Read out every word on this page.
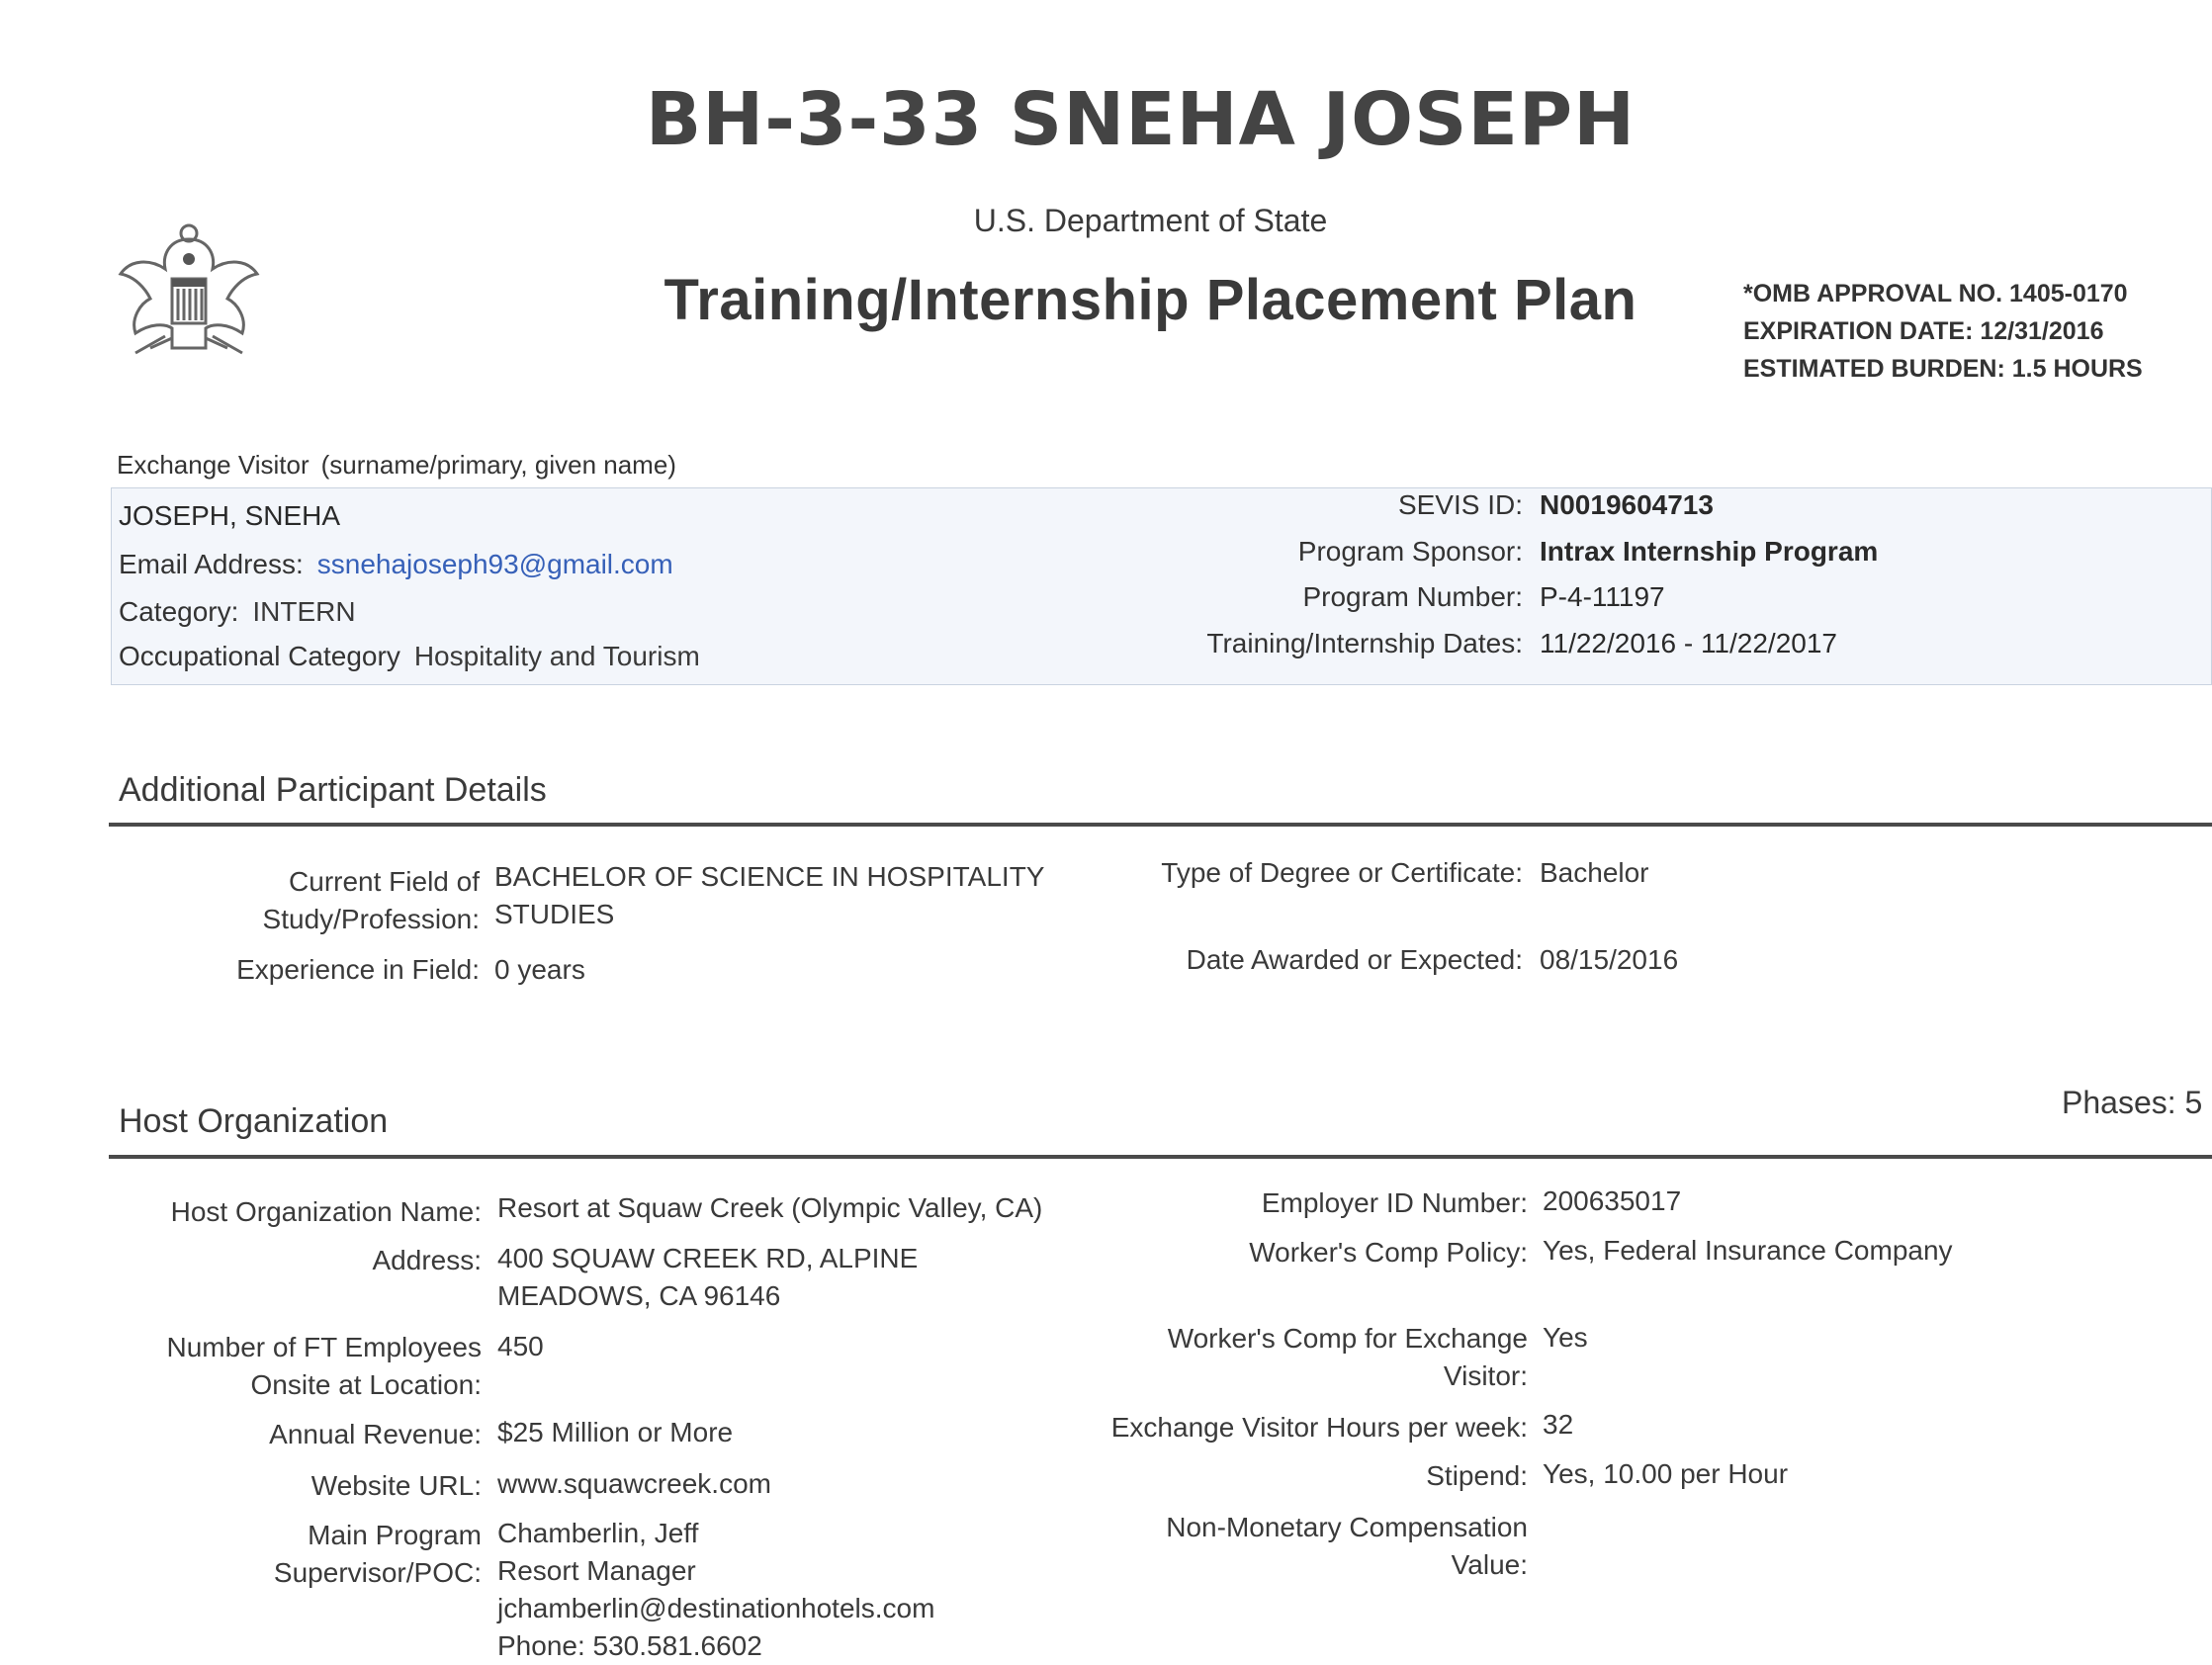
BH-3-33 SNEHA JOSEPH
U.S. Department of State
Training/Internship Placement Plan	*OMB APPROVAL NO. 1405-0170
EXPIRATION DATE: 12/31/2016
ESTIMATED BURDEN: 1.5 HOURS
Exchange Visitor (surname/primary, given name)
JOSEPH, SNEHA
Email Address: ssnehajoseph93@gmail.com
Category: INTERN
Occupational Category Hospitality and Tourism
SEVIS ID: N0019604713
Program Sponsor: Intrax Internship Program
Program Number: P-4-11197
Training/Internship Dates: 11/22/2016 - 11/22/2017
Additional Participant Details
Current Field of
Study/Profession:
BACHELOR OF SCIENCE IN HOSPITALITY
STUDIES
Experience in Field: 0 years
Type of Degree or Certificate: Bachelor
Date Awarded or Expected: 08/15/2016
Host Organization	Phases: 5
Host Organization Name: Resort at Squaw Creek (Olympic Valley, CA)
Address: 400 SQUAW CREEK RD, ALPINE
MEADOWS, CA 96146
Number of FT Employees
Onsite at Location:
450
Annual Revenue: $25 Million or More
Website URL: www.squawcreek.com
Main Program
Supervisor/POC:
Chamberlin, Jeff
Resort Manager
jchamberlin@destinationhotels.com
Phone: 530.581.6602
Employer ID Number: 200635017
Worker's Comp Policy: Yes, Federal Insurance Company
Worker's Comp for Exchange
Visitor:
Yes
Exchange Visitor Hours per week: 32
Stipend: Yes, 10.00 per Hour
Non-Monetary Compensation
Value:
